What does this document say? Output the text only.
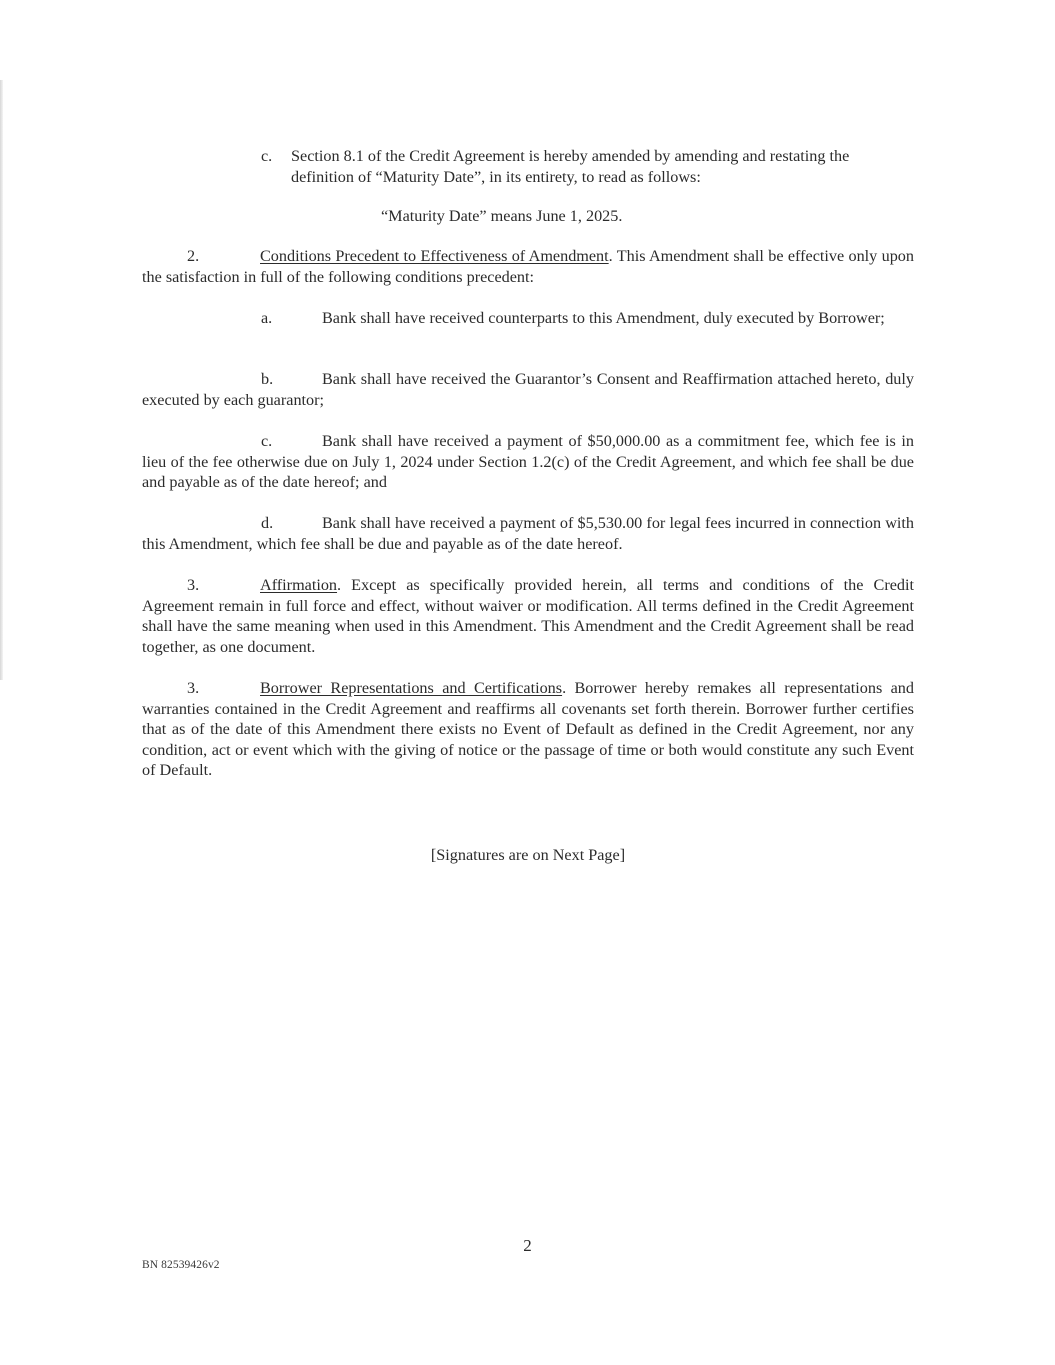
c. Section 8.1 of the Credit Agreement is hereby amended by amending and restating the definition of “Maturity Date”, in its entirety, to read as follows:
“Maturity Date” means June 1, 2025.
2.	Conditions Precedent to Effectiveness of Amendment. This Amendment shall be effective only upon the satisfaction in full of the following conditions precedent:
a.	Bank shall have received counterparts to this Amendment, duly executed by Borrower;
b.	Bank shall have received the Guarantor’s Consent and Reaffirmation attached hereto, duly executed by each guarantor;
c.	Bank shall have received a payment of $50,000.00 as a commitment fee, which fee is in lieu of the fee otherwise due on July 1, 2024 under Section 1.2(c) of the Credit Agreement, and which fee shall be due and payable as of the date hereof; and
d.	Bank shall have received a payment of $5,530.00 for legal fees incurred in connection with this Amendment, which fee shall be due and payable as of the date hereof.
3.	Affirmation. Except as specifically provided herein, all terms and conditions of the Credit Agreement remain in full force and effect, without waiver or modification. All terms defined in the Credit Agreement shall have the same meaning when used in this Amendment. This Amendment and the Credit Agreement shall be read together, as one document.
3.	Borrower Representations and Certifications. Borrower hereby remakes all representations and warranties contained in the Credit Agreement and reaffirms all covenants set forth therein. Borrower further certifies that as of the date of this Amendment there exists no Event of Default as defined in the Credit Agreement, nor any condition, act or event which with the giving of notice or the passage of time or both would constitute any such Event of Default.
[Signatures are on Next Page]
2
BN 82539426v2
